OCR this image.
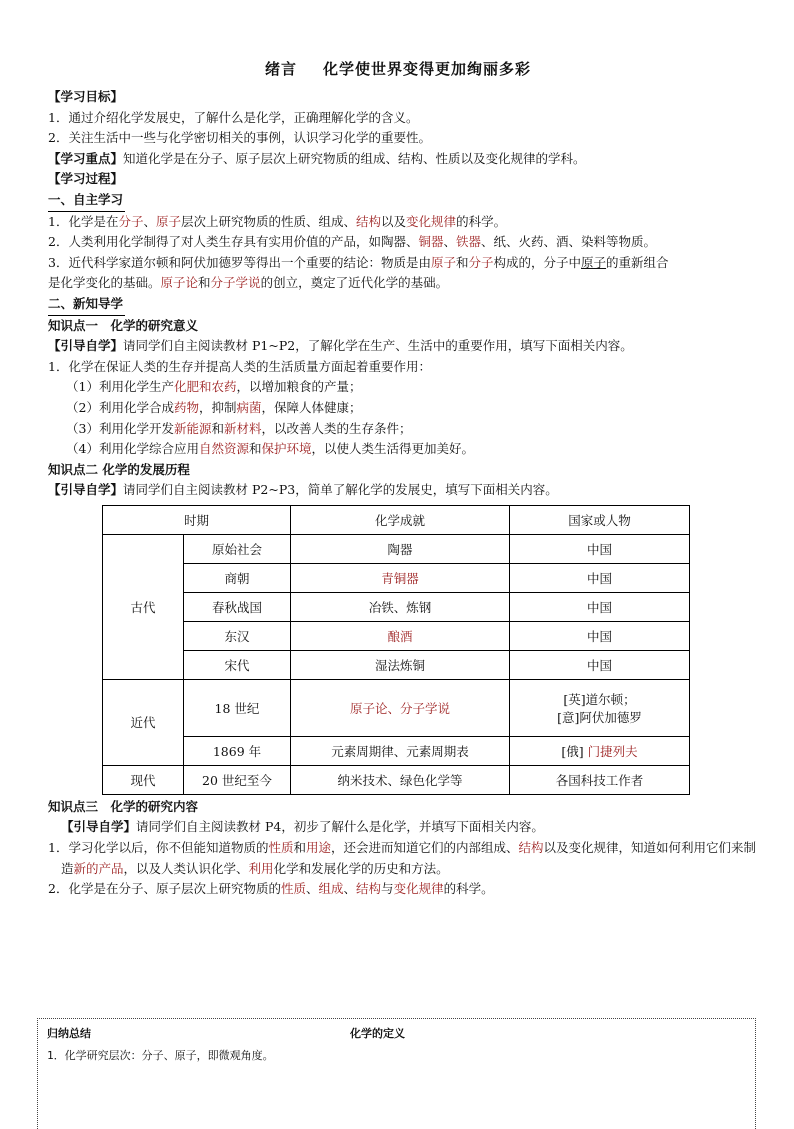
绪言 化学使世界变得更加绚丽多彩
【学习目标】
1．通过介绍化学发展史，了解什么是化学，正确理解化学的含义。
2．关注生活中一些与化学密切相关的事例，认识学习化学的重要性。
【学习重点】知道化学是在分子、原子层次上研究物质的组成、结构、性质以及变化规律的学科。
【学习过程】
一、自主学习
1．化学是在分子、原子层次上研究物质的性质、组成、结构以及变化规律的科学。
2．人类利用化学制得了对人类生存具有实用价值的产品，如陶器、铜器、铁器、纸、火药、酒、染料等物质。
3．近代科学家道尔顿和阿伏加德罗等得出一个重要的结论：物质是由原子和分子构成的，分子中原子的重新组合
是化学变化的基础。原子论和分子学说的创立，奠定了近代化学的基础。
二、新知导学
知识点一　化学的研究意义
【引导自学】请同学们自主阅读教材 P1~P2，了解化学在生产、生活中的重要作用，填写下面相关内容。
1．化学在保证人类的生存并提高人类的生活质量方面起着重要作用：
（1）利用化学生产化肥和农药，以增加粮食的产量；
（2）利用化学合成药物，抑制病菌，保障人体健康；
（3）利用化学开发新能源和新材料，以改善人类的生存条件；
（4）利用化学综合应用自然资源和保护环境，以使人类生活得更加美好。
知识点二 化学的发展历程
【引导自学】请同学们自主阅读教材 P2~P3，简单了解化学的发展史，填写下面相关内容。
时期		化学成就	国家或人物
古代	原始社会	陶器	中国
	商朝	青铜器	中国
	春秋战国	冶铁、炼钢	中国
	东汉	酿酒	中国
	宋代	湿法炼铜	中国
近代	18 世纪	原子论、分子学说	[英]道尔顿；
[意]阿伏加德罗

	1869 年	元素周期律、元素周期表	[俄] 门捷列夫
现代	20 世纪至今	纳米技术、绿色化学等	各国科技工作者
知识点三　化学的研究内容
【引导自学】请同学们自主阅读教材 P4，初步了解什么是化学，并填写下面相关内容。
1．学习化学以后，你不但能知道物质的性质和用途，还会进而知道它们的内部组成、结构以及变化规律，知道如何利用它们来制造新的产品，以及人类认识化学、利用化学和发展化学的历史和方法。
2．化学是在分子、原子层次上研究物质的性质、组成、结构与变化规律的科学。
归纳总结	化学的定义
1．化学研究层次：分子、原子，即微观角度。
